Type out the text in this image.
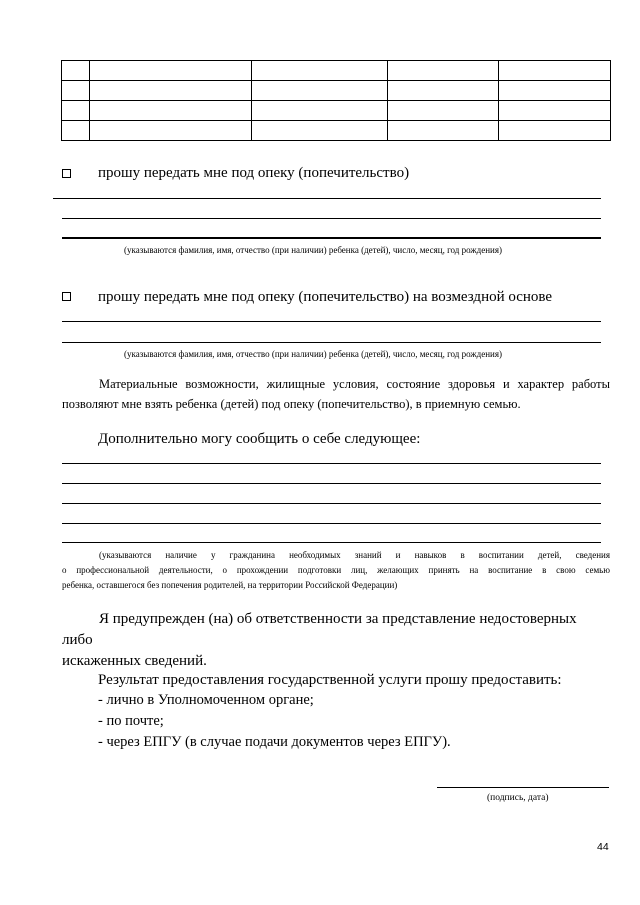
прошу передать мне под опеку (попечительство)
(указываются фамилия, имя, отчество (при наличии) ребенка (детей), число, месяц, год рождения)
прошу передать мне под опеку (попечительство) на возмездной основе
(указываются фамилия, имя, отчество (при наличии) ребенка (детей), число, месяц, год рождения)
Материальные возможности, жилищные условия, состояние здоровья и характер работы
позволяют мне взять ребенка (детей) под опеку (попечительство), в приемную семью.
Дополнительно могу сообщить о себе следующее:
(указываются наличие у гражданина необходимых знаний и навыков в воспитании детей, сведения
о профессиональной деятельности, о прохождении подготовки лиц, желающих принять на воспитание в свою семью
ребенка, оставшегося без попечения родителей, на территории Российской Федерации)
Я предупрежден (на) об ответственности за представление недостоверных либо
искаженных сведений.
Результат предоставления государственной услуги прошу предоставить:
- лично в Уполномоченном органе;
- по почте;
- через ЕПГУ (в случае подачи документов через ЕПГУ).
(подпись, дата)
44
